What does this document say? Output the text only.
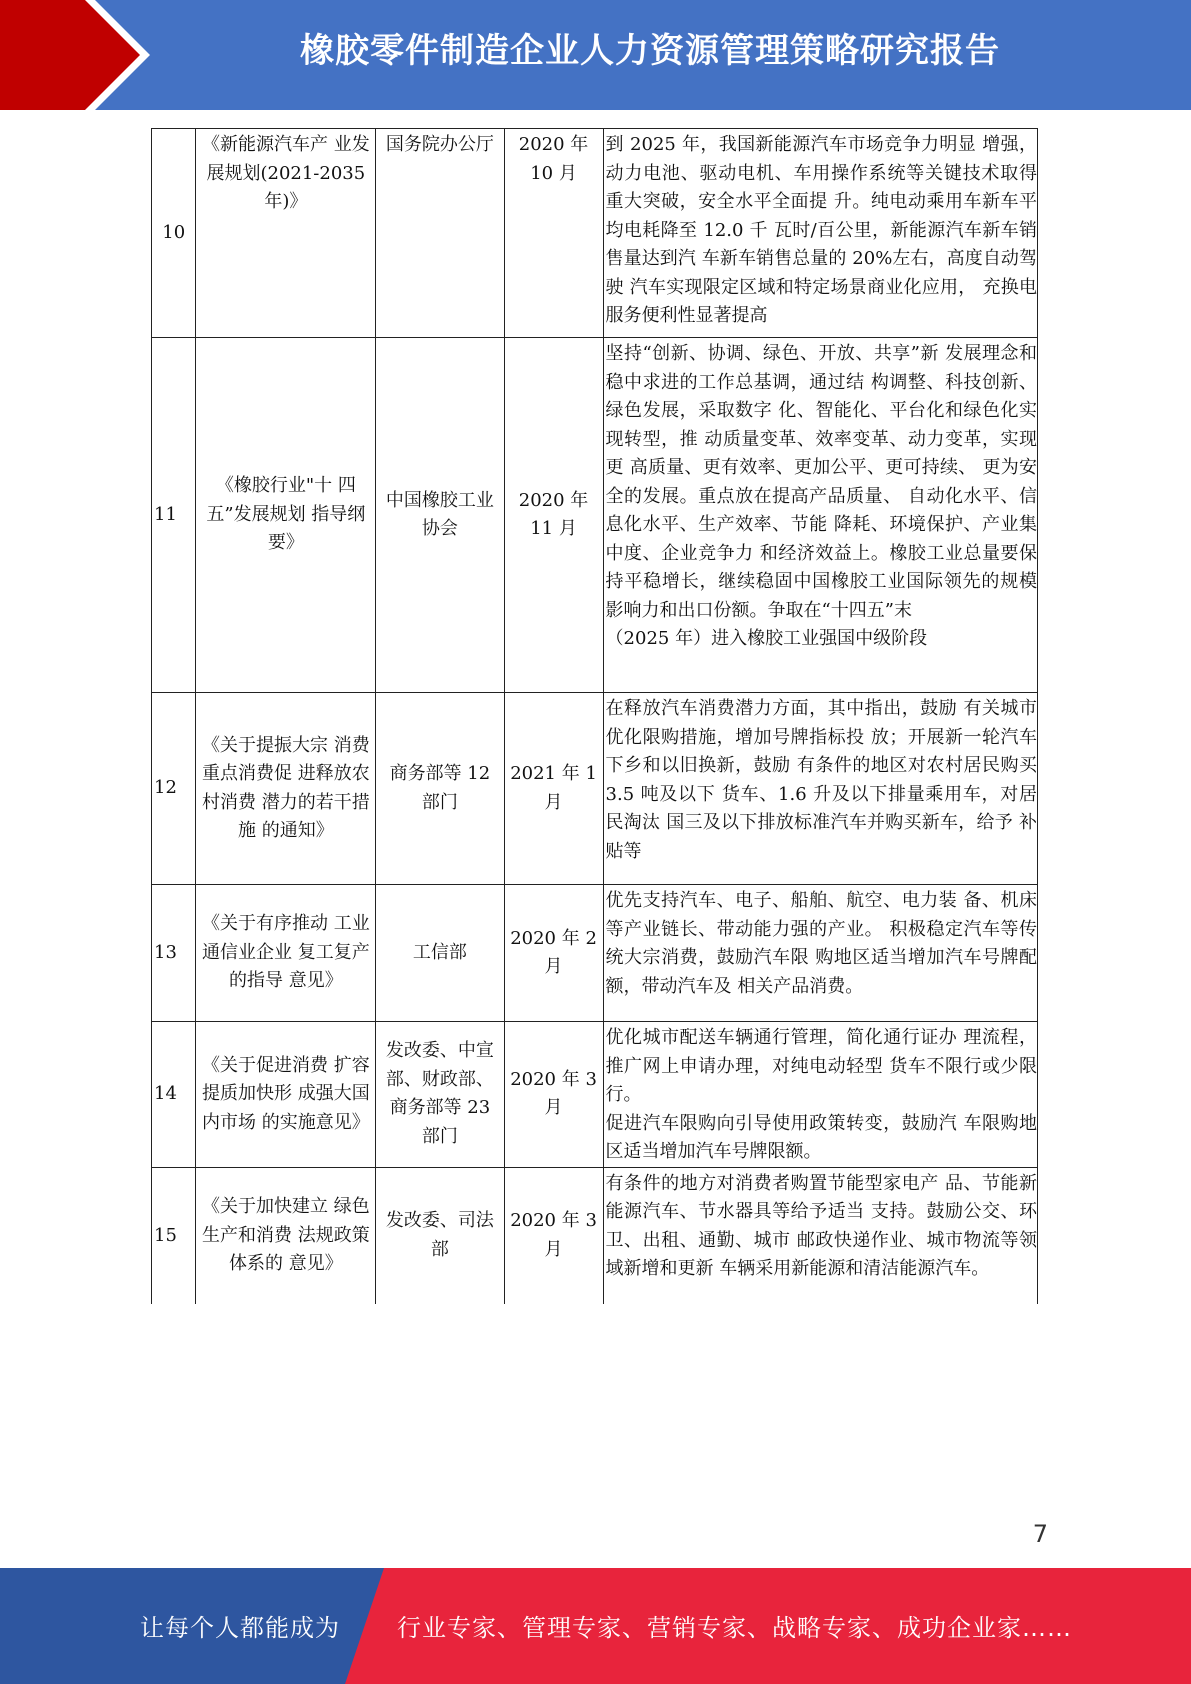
橡胶零件制造企业人力资源管理策略研究报告
10	《新能源汽车产 业发展规划(2021-2035年)》	国务院办公厅	2020 年 10 月	到 2025 年，我国新能源汽车市场竞争力明显 增强，动力电池、驱动电机、车用操作系统等关键技术取得重大突破，安全水平全面提 升。纯电动乘用车新车平均电耗降至 12.0 千 瓦时/百公里，新能源汽车新车销售量达到汽 车新车销售总量的 20%左右，高度自动驾驶 汽车实现限定区域和特定场景商业化应用， 充换电服务便利性显著提高
11	《橡胶行业"十 四五”发展规划 指导纲要》	中国橡胶工业协会	2020 年 11 月	坚持“创新、协调、绿色、开放、共享”新 发展理念和稳中求进的工作总基调，通过结 构调整、科技创新、绿色发展，采取数字 化、智能化、平台化和绿色化实现转型，推 动质量变革、效率变革、动力变革，实现更 高质量、更有效率、更加公平、更可持续、 更为安全的发展。重点放在提高产品质量、 自动化水平、信息化水平、生产效率、节能 降耗、环境保护、产业集中度、企业竞争力 和经济效益上。橡胶工业总量要保持平稳增长，继续稳固中国橡胶工业国际领先的规模 影响力和出口份额。争取在“十四五”末
（2025 年）进入橡胶工业强国中级阶段

12	《关于提振大宗 消费重点消费促 进释放农村消费 潜力的若干措施 的通知》	商务部等 12 部门	2021 年 1 月	在释放汽车消费潜力方面，其中指出，鼓励 有关城市优化限购措施，增加号牌指标投 放；开展新一轮汽车下乡和以旧换新，鼓励 有条件的地区对农村居民购买 3.5 吨及以下 货车、1.6 升及以下排量乘用车，对居民淘汰 国三及以下排放标准汽车并购买新车，给予 补贴等
13	《关于有序推动 工业通信业企业 复工复产的指导 意见》	工信部	2020 年 2 月	优先支持汽车、电子、船舶、航空、电力装 备、机床等产业链长、带动能力强的产业。 积极稳定汽车等传统大宗消费，鼓励汽车限 购地区适当增加汽车号牌配额，带动汽车及 相关产品消费。
14	《关于促进消费 扩容提质加快形 成强大国内市场 的实施意见》	发改委、中宣部、财政部、商务部等 23 部门	2020 年 3 月	优化城市配送车辆通行管理，简化通行证办 理流程，推广网上申请办理，对纯电动轻型 货车不限行或少限行。
促进汽车限购向引导使用政策转变，鼓励汽 车限购地区适当增加汽车号牌限额。

15	《关于加快建立 绿色生产和消费 法规政策体系的 意见》	发改委、司法部	2020 年 3 月	有条件的地方对消费者购置节能型家电产 品、节能新能源汽车、节水器具等给予适当 支持。鼓励公交、环卫、出租、通勤、城市 邮政快递作业、城市物流等领域新增和更新 车辆采用新能源和清洁能源汽车。
7
让每个人都能成为 行业专家、管理专家、营销专家、战略专家、成功企业家……
